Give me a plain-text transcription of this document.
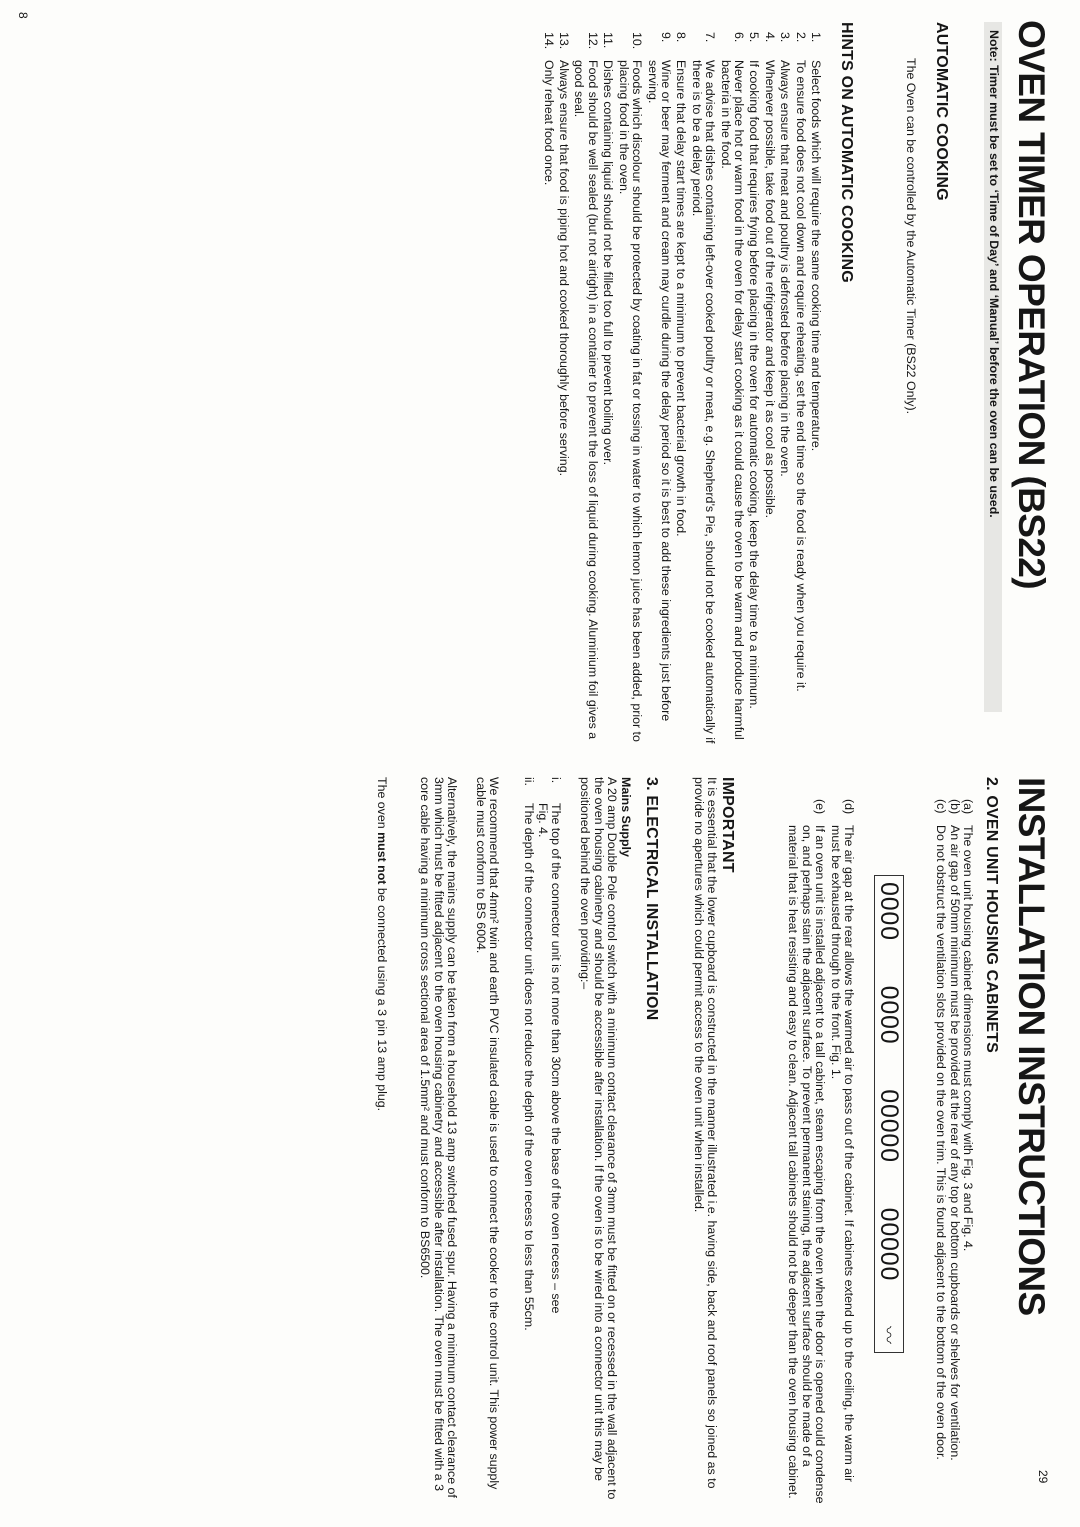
OVEN TIMER OPERATION (BS22)
Note: Timer must be set to ‘Time of Day’ and ‘Manual’ before the oven can be used.
AUTOMATIC COOKING

The Oven can be controlled by the Automatic Timer (BS22 Only).

HINTS ON AUTOMATIC COOKING
1.
Select foods which will require the same cooking time and temperature.
2.
To ensure food does not cool down and require reheating, set the end time so the food is ready when you require it.
3.
Always ensure that meat and poultry is defrosted before placing in the oven.
4.
Whenever possible, take food out of the refrigerator and keep it as cool as possible.
5.
If cooking food that requires frying before placing in the oven for automatic cooking, keep the delay time to a minimum.
6.
Never place hot or warm food in the oven for delay start cooking as it could cause the oven to be warm and produce harmful bacteria in the food.
7.
We advise that dishes containing left-over cooked poultry or meat, e.g. Shepherd’s Pie, should not be cooked automatically if there is to be a delay period.
8.
Ensure that delay start times are kept to a minimum to prevent bacterial growth in food.
9.
Wine or beer may ferment and cream may curdle during the delay period so it is best to add these ingredients just before serving.
10.
Foods which discolour should be protected by coating in fat or tossing in water to which lemon juice has been added, prior to placing food in the oven.
11.
Dishes containing liquid should not be filled too full to prevent boiling over.
12.
Food should be well sealed (but not airtight) in a container to prevent the loss of liquid during cooking. Aluminium foil gives a good seal.
13.
Always ensure that food is piping hot and cooked thoroughly before serving.
14.
Only reheat food once.
8
INSTALLATION INSTRUCTIONS
2. OVEN UNIT HOUSING CABINETS
(a)
The oven unit housing cabinet dimensions must comply with Fig. 3 and Fig. 4.
(b)
An air gap of 50mm minimum must be provided at the rear of any top or bottom cupboards or shelves for ventilation.
(c)
Do not obstruct the ventilation slots provided on the oven trim. This is found adjacent to the bottom of the oven door.
0000
0000
00000
00000
〰
(d)
The air gap at the rear allows the warmed air to pass out of the cabinet. If cabinets extend up to the ceiling, the warm air must be exhausted through to the front. Fig. 1.
(e)
If an oven unit is installed adjacent to a tall cabinet, steam escaping from the oven when the door is opened could condense on, and perhaps stain the adjacent surface. To prevent permanent staining, the adjacent surface should be made of a material that is heat resisting and easy to clean. Adjacent tall cabinets should not be deeper than the oven housing cabinet.
IMPORTANT

It is essential that the lower cupboard is constructed in the manner illustrated i.e. having side, back and roof panels so joined as to provide no apertures which could permit access to the oven unit when installed.

3. ELECTRICAL INSTALLATION

Mains Supply

A 20 amp Double Pole control switch with a minimum contact clearance of 3mm must be fitted on or recessed in the wall adjacent to the oven housing cabinetry and should be accessible after installation. If the oven is to be wired into a connector unit this may be positioned behind the oven providing:–

i.
The top of the connector unit is not more than 30cm above the base of the oven recess – see Fig. 4.
ii.
The depth of the connector unit does not reduce the depth of the oven recess to less than 55cm.

We recommend that 4mm² twin and earth PVC insulated cable is used to connect the cooker to the control unit. This power supply cable must conform to BS 6004.

Alternatively, the mains supply can be taken from a household 13 amp switched fused spur. Having a minimum contact clearance of 3mm which must be fitted adjacent to the oven housing cabinetry and accessible after installation. The oven must be fitted with a 3 core cable having a minimum cross sectional area of 1.5mm² and must conform to BS6500.

The oven must not be connected using a 3 pin 13 amp plug.

29
